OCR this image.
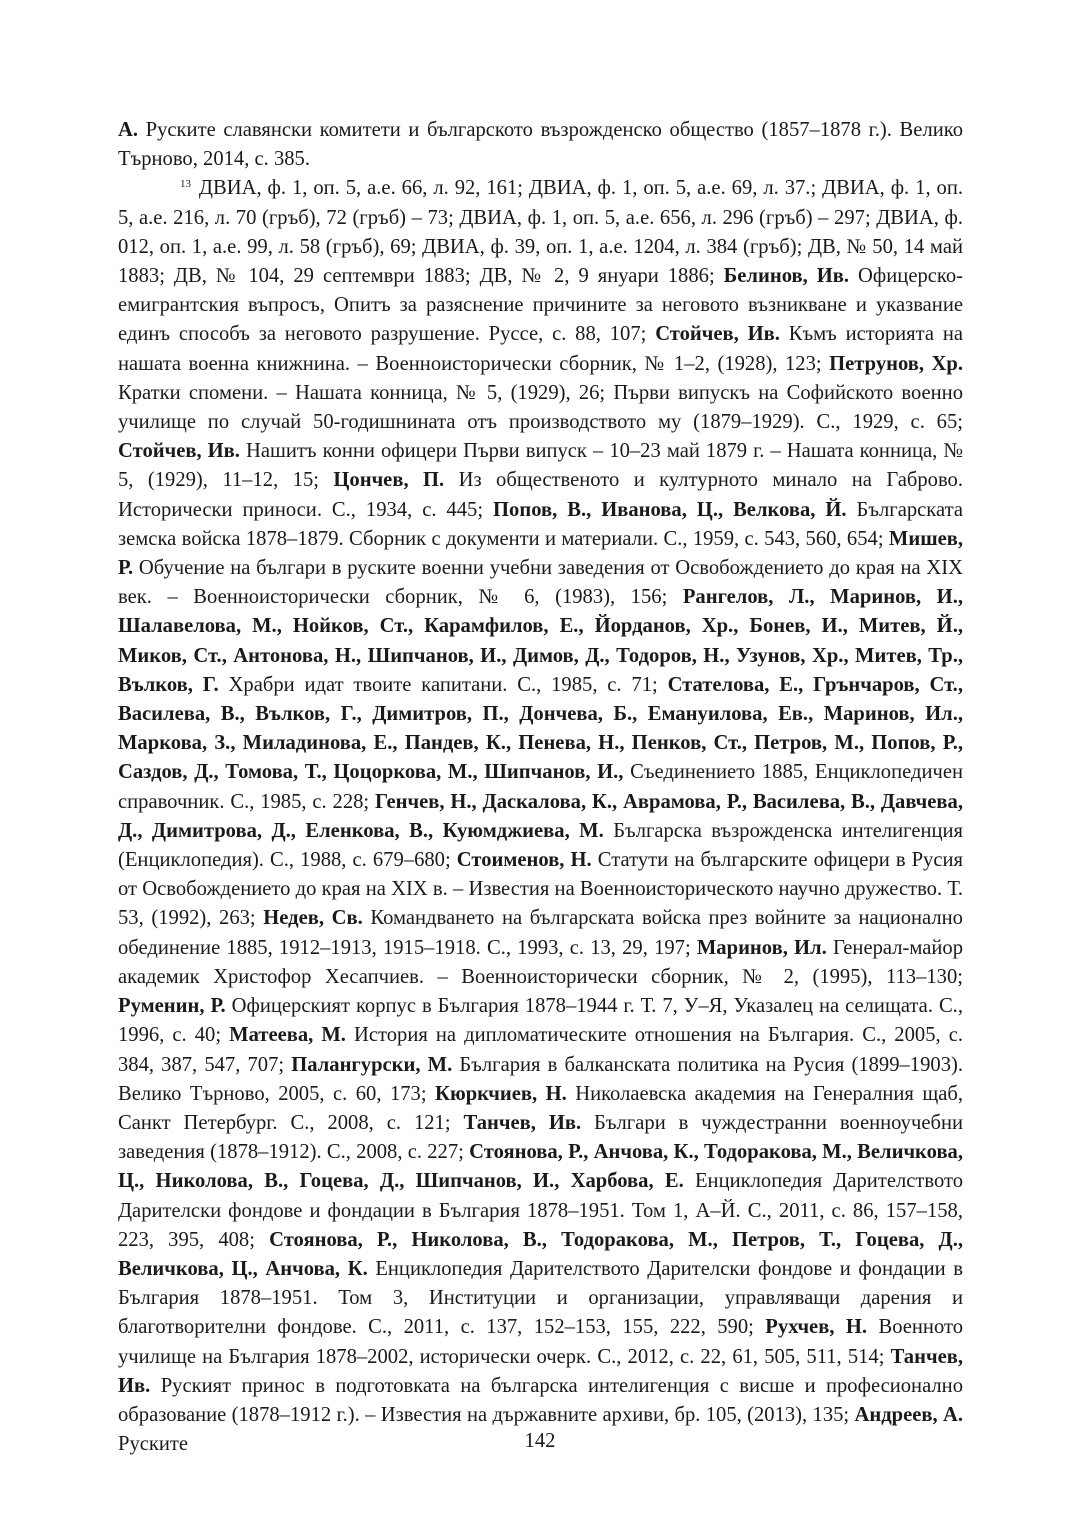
А. Руските славянски комитети и българското възрожденско общество (1857–1878 г.). Велико Търново, 2014, с. 385.

$^{13}$ ДВИА, ф. 1, оп. 5, а.е. 66, л. 92, 161; ДВИА, ф. 1, оп. 5, а.е. 69, л. 37.; ДВИА, ф. 1, оп. 5, а.е. 216, л. 70 (гръб), 72 (гръб) – 73; ДВИА, ф. 1, оп. 5, а.е. 656, л. 296 (гръб) – 297; ДВИА, ф. 012, оп. 1, а.е. 99, л. 58 (гръб), 69; ДВИА, ф. 39, оп. 1, а.е. 1204, л. 384 (гръб); ДВ, № 50, 14 май 1883; ДВ, № 104, 29 септември 1883; ДВ, № 2, 9 януари 1886; Белинов, Ив. Офицерско-емигрантския въпросъ, Опитъ за разяснение причините за неговото възникване и указвание единъ способъ за неговото разрушение. Руссе, с. 88, 107; Стойчев, Ив. Къмъ историята на нашата военна книжнина. – Военноисторически сборник, № 1–2, (1928), 123; Петрунов, Хр. Кратки спомени. – Нашата конница, № 5, (1929), 26; Първи випускъ на Софийското военно училище по случай 50-годишнината отъ производството му (1879–1929). С., 1929, с. 65; Стойчев, Ив. Нашитъ конни офицери Първи випуск – 10–23 май 1879 г. – Нашата конница, № 5, (1929), 11–12, 15; Цончев, П. Из общественото и културното минало на Габрово. Исторически приноси. С., 1934, с. 445; Попов, В., Иванова, Ц., Велкова, Й. Българската земска войска 1878–1879. Сборник с документи и материали. С., 1959, с. 543, 560, 654; Мишев, Р. Обучение на българи в руските военни учебни заведения от Освобождението до края на XIX век. – Военноисторически сборник, № 6, (1983), 156; Рангелов, Л., Маринов, И., Шалавелова, М., Нойков, Ст., Карамфилов, Е., Йорданов, Хр., Бонев, И., Митев, Й., Миков, Ст., Антонова, Н., Шипчанов, И., Димов, Д., Тодоров, Н., Узунов, Хр., Митев, Тр., Вълков, Г. Храбри идат твоите капитани. С., 1985, с. 71; Стателова, Е., Грънчаров, Ст., Василева, В., Вълков, Г., Димитров, П., Дончева, Б., Емануилова, Ев., Маринов, Ил., Маркова, З., Миладинова, Е., Пандев, К., Пенева, Н., Пенков, Ст., Петров, М., Попов, Р., Саздов, Д., Томова, Т., Цоцоркова, М., Шипчанов, И., Съединението 1885, Енциклопедичен справочник. С., 1985, с. 228; Генчев, Н., Даскалова, К., Аврамова, Р., Василева, В., Давчева, Д., Димитрова, Д., Еленкова, В., Куюмджиева, М. Българска възрожденска интелигенция (Енциклопедия). С., 1988, с. 679–680; Стоименов, Н. Статути на българските офицери в Русия от Освобождението до края на XIX в. – Известия на Военноисторическото научно дружество. Т. 53, (1992), 263; Недев, Св. Командването на българската войска през войните за национално обединение 1885, 1912–1913, 1915–1918. С., 1993, с. 13, 29, 197; Маринов, Ил. Генерал-майор академик Христофор Хесапчиев. – Военноисторически сборник, № 2, (1995), 113–130; Руменин, Р. Офицерският корпус в България 1878–1944 г. Т. 7, У–Я, Указалец на селищата. С., 1996, с. 40; Матеева, М. История на дипломатическите отношения на България. С., 2005, с. 384, 387, 547, 707; Палангурски, М. България в балканската политика на Русия (1899–1903). Велико Търново, 2005, с. 60, 173; Кюркчиев, Н. Николаевска академия на Генералния щаб, Санкт Петербург. С., 2008, с. 121; Танчев, Ив. Българи в чуждестранни военноучебни заведения (1878–1912). С., 2008, с. 227; Стоянова, Р., Анчова, К., Тодоракова, М., Величкова, Ц., Николова, В., Гоцева, Д., Шипчанов, И., Харбова, Е. Енциклопедия Дарителството Дарителски фондове и фондации в България 1878–1951. Том 1, А–Й. С., 2011, с. 86, 157–158, 223, 395, 408; Стоянова, Р., Николова, В., Тодоракова, М., Петров, Т., Гоцева, Д., Величкова, Ц., Анчова, К. Енциклопедия Дарителството Дарителски фондове и фондации в България 1878–1951. Том 3, Институции и организации, управляващи дарения и благотворителни фондове. С., 2011, с. 137, 152–153, 155, 222, 590; Рухчев, Н. Военното училище на България 1878–2002, исторически очерк. С., 2012, с. 22, 61, 505, 511, 514; Танчев, Ив. Руският принос в подготовката на българска интелигенция с висше и професионално образование (1878–1912 г.). – Известия на държавните архиви, бр. 105, (2013), 135; Андреев, А. Руските	142
